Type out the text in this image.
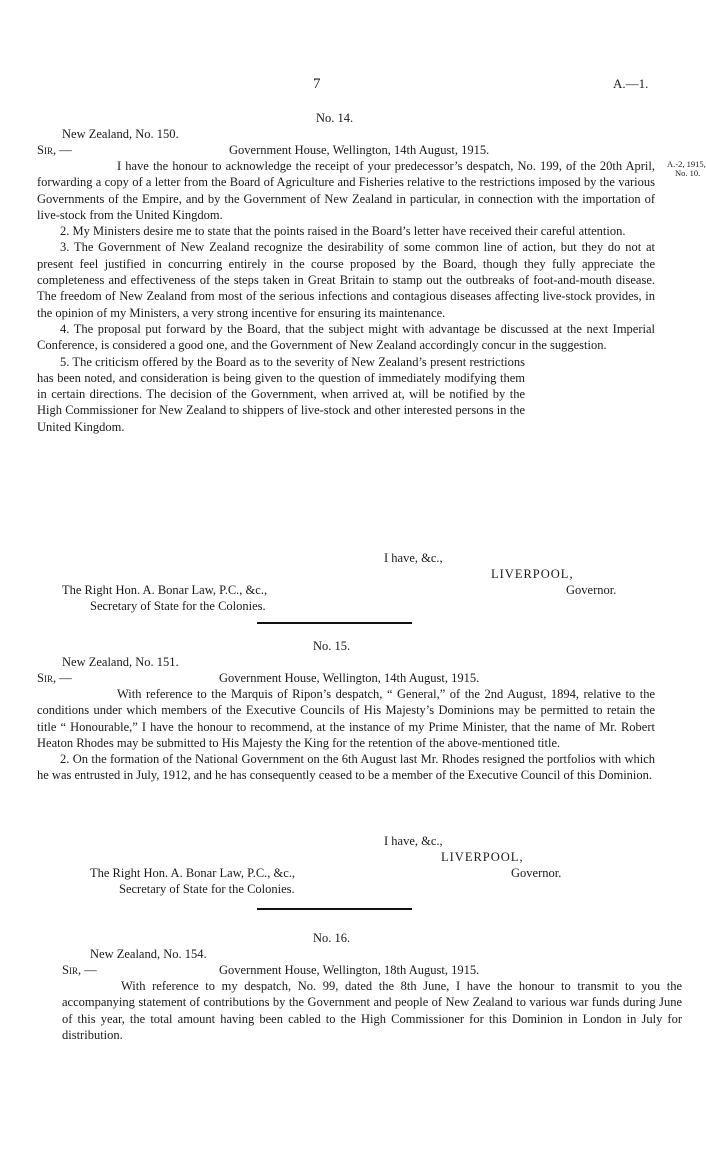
7	A.—1.
No. 14.
New Zealand, No. 150.
Sir, —	Government House, Wellington, 14th August, 1915.
A.-2, 1915,
No. 10.

I have the honour to acknowledge the receipt of your predecessor’s despatch, No. 199, of the 20th April, forwarding a copy of a letter from the Board of Agriculture and Fisheries relative to the restrictions imposed by the various Governments of the Empire, and by the Government of New Zealand in particular, in connection with the importation of live-stock from the United Kingdom.

2. My Ministers desire me to state that the points raised in the Board’s letter have received their careful attention.

3. The Government of New Zealand recognize the desirability of some common line of action, but they do not at present feel justified in concurring entirely in the course proposed by the Board, though they fully appreciate the completeness and effectiveness of the steps taken in Great Britain to stamp out the outbreaks of foot-and-mouth disease. The freedom of New Zealand from most of the serious infections and contagious diseases affecting live-stock provides, in the opinion of my Ministers, a very strong incentive for ensuring its maintenance.

4. The proposal put forward by the Board, that the subject might with advantage be discussed at the next Imperial Conference, is considered a good one, and the Government of New Zealand accordingly concur in the suggestion.

5. The criticism offered by the Board as to the severity of New Zealand’s present restrictions has been noted, and consideration is being given to the question of immediately modifying them in certain directions. The decision of the Government, when arrived at, will be notified by the High Commissioner for New Zealand to shippers of live-stock and other interested persons in the United Kingdom.

I have, &c.,
LIVERPOOL,
The Right Hon. A. Bonar Law, P.C., &c.,	Governor.
Secretary of State for the Colonies.
No. 15.
New Zealand, No. 151.
Sir, —	Government House, Wellington, 14th August, 1915.

With reference to the Marquis of Ripon’s despatch, “ General,” of the 2nd August, 1894, relative to the conditions under which members of the Executive Councils of His Majesty’s Dominions may be permitted to retain the title “ Honourable,” I have the honour to recommend, at the instance of my Prime Minister, that the name of Mr. Robert Heaton Rhodes may be submitted to His Majesty the King for the retention of the above-mentioned title.

2. On the formation of the National Government on the 6th August last Mr. Rhodes resigned the portfolios with which he was entrusted in July, 1912, and he has consequently ceased to be a member of the Executive Council of this Dominion.

I have, &c.,
LIVERPOOL,
The Right Hon. A. Bonar Law, P.C., &c.,	Governor.
Secretary of State for the Colonies.
No. 16.
New Zealand, No. 154.
Sir, —	Government House, Wellington, 18th August, 1915.

With reference to my despatch, No. 99, dated the 8th June, I have the honour to transmit to you the accompanying statement of contributions by the Government and people of New Zealand to various war funds during June of this year, the total amount having been cabled to the High Commissioner for this Dominion in London in July for distribution.
